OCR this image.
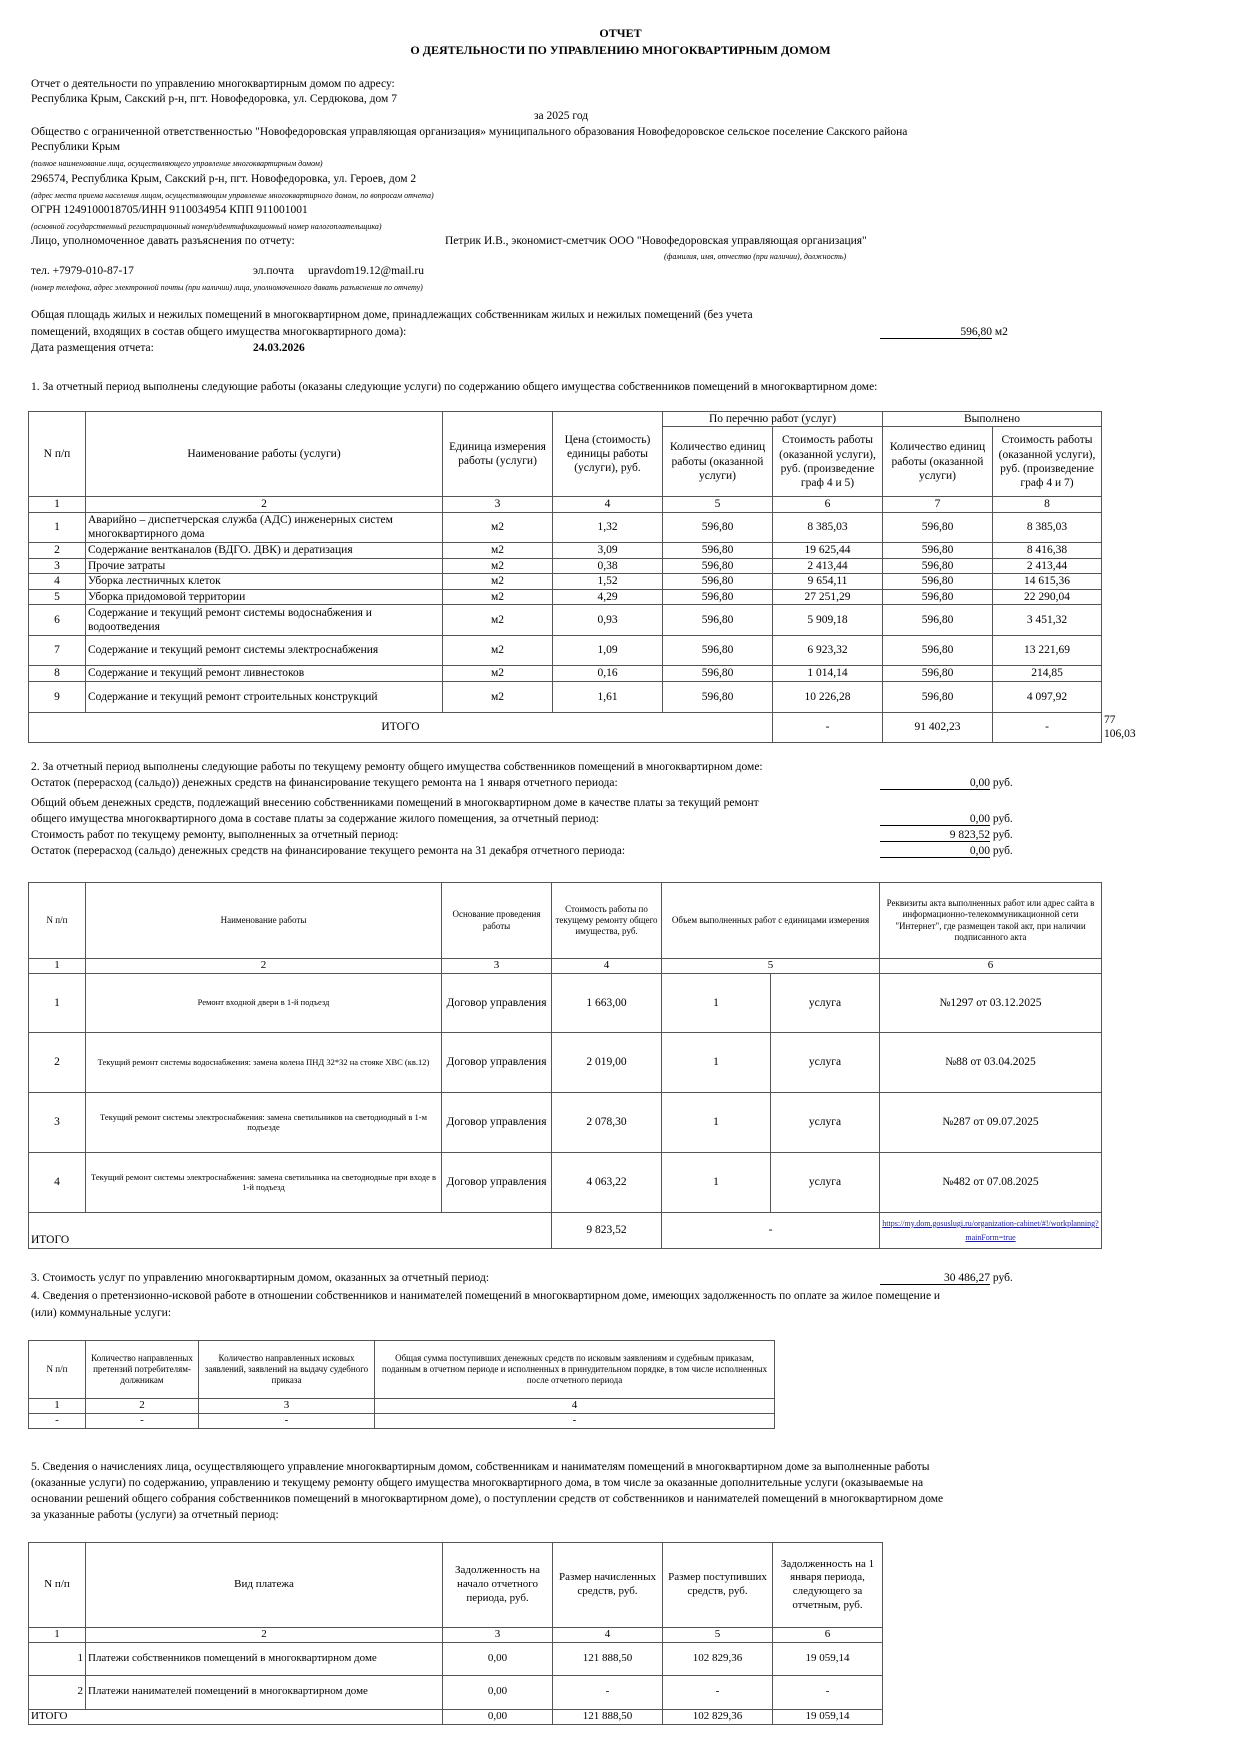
ОТЧЕТ
О ДЕЯТЕЛЬНОСТИ ПО УПРАВЛЕНИЮ МНОГОКВАРТИРНЫМ ДОМОМ
Отчет о деятельности по управлению многоквартирным домом по адресу:
Республика Крым, Сакский р-н, пгт. Новофедоровка, ул. Сердюкова, дом 7
за 2025 год
Общество с ограниченной ответственностью "Новофедоровская управляющая организация» муниципального образования Новофедоровское сельское поселение Сакского района
Республики Крым
(полное наименование лица, осуществляющего управление многоквартирным домом)
296574, Республика Крым, Сакский р-н, пгт. Новофедоровка, ул. Героев, дом 2
(адрес места приема населения лицом, осуществляющим управление многоквартирного домом, по вопросам отчета)
ОГРН 1249100018705/ИНН 9110034954 КПП 911001001
(основной государственный регистрационный номер/идентификационный номер налогоплательщика)
Лицо, уполномоченное давать разъяснения по отчету:	Петрик И.В., экономист-сметчик ООО "Новофедоровская управляющая организация"
(фамилия, имя, отчество (при наличии), должность)
тел. +7979-010-87-17	эл.почта upravdom19.12@mail.ru
(номер телефона, адрес электронной почты (при наличии) лица, уполномоченного давать разъяснения по отчету)
Общая площадь жилых и нежилых помещений в многоквартирном доме, принадлежащих собственникам жилых и нежилых помещений (без учета
помещений, входящих в состав общего имущества многоквартирного дома):	596,80 м2
Дата размещения отчета:	24.03.2026
1. За отчетный период выполнены следующие работы (оказаны следующие услуги) по содержанию общего имущества собственников помещений в многоквартирном доме:
N п/п	Наименование работы (услуги)	Единица измерения работы (услуги)	Цена (стоимость) единицы работы (услуги), руб.	По перечню работ (услуг)		Выполнено		
				Количество единиц работы (оказанной услуги)	Стоимость работы (оказанной услуги), руб. (произведение граф 4 и 5)	Количество единиц работы (оказанной услуги)	Стоимость работы (оказанной услуги), руб. (произведение граф 4 и 7)	
1	2	3	4	5	6	7	8	
1	Аварийно – диспетчерская служба (АДС) инженерных систем многоквартирного дома	м2	1,32	596,80	8 385,03	596,80	8 385,03	
2	Содержание вентканалов (ВДГО. ДВК) и дератизация	м2	3,09	596,80	19 625,44	596,80	8 416,38	
3	Прочие затраты	м2	0,38	596,80	2 413,44	596,80	2 413,44	
4	Уборка лестничных клеток	м2	1,52	596,80	9 654,11	596,80	14 615,36	
5	Уборка придомовой территории	м2	4,29	596,80	27 251,29	596,80	22 290,04	
6	Содержание и текущий ремонт системы водоснабжения и водоотведения	м2	0,93	596,80	5 909,18	596,80	3 451,32	
7	Содержание и текущий ремонт системы электроснабжения	м2	1,09	596,80	6 923,32	596,80	13 221,69	
8	Содержание и текущий ремонт ливнестоков	м2	0,16	596,80	1 014,14	596,80	214,85	
9	Содержание и текущий ремонт строительных конструкций	м2	1,61	596,80	10 226,28	596,80	4 097,92	
ИТОГО					-	91 402,23	-	77 106,03
2. За отчетный период выполнены следующие работы по текущему ремонту общего имущества собственников помещений в многоквартирном доме:
Остаток (перерасход (сальдо)) денежных средств на финансирование текущего ремонта на 1 января отчетного периода:	0,00 руб.
Общий объем денежных средств, подлежащий внесению собственниками помещений в многоквартирном доме в качестве платы за текущий ремонт
общего имущества многоквартирного дома в составе платы за содержание жилого помещения, за отчетный период:	0,00 руб.
Стоимость работ по текущему ремонту, выполненных за отчетный период:	9 823,52 руб.
Остаток (перерасход (сальдо) денежных средств на финансирование текущего ремонта на 31 декабря отчетного периода:	0,00 руб.
N п/п	Наименование работы	Основание проведения работы	Стоимость работы по текущему ремонту общего имущества, руб.	Объем выполненных работ с единицами измерения		Реквизиты акта выполненных работ или адрес сайта в информационно-телекоммуникационной сети "Интернет", где размещен такой акт, при наличии подписанного акта
1	2	3	4	5		6
1	Ремонт входной двери в 1-й подъезд	Договор управления	1 663,00	1	услуга	№1297 от 03.12.2025
2	Текущий ремонт системы водоснабжения: замена колена ПНД 32*32 на стояке ХВС (кв.12)	Договор управления	2 019,00	1	услуга	№88 от 03.04.2025
3	Текущий ремонт системы электроснабжения: замена светильников на светодиодный в 1-м подъезде	Договор управления	2 078,30	1	услуга	№287 от 09.07.2025
4	Текущий ремонт системы электроснабжения: замена светильника на светодиодные при входе в 1-й подъезд	Договор управления	4 063,22	1	услуга	№482 от 07.08.2025
ИТОГО			9 823,52	-		https://my.dom.gosuslugi.ru/organization-cabinet/#!/workplanning?mainForm=true
3. Стоимость услуг по управлению многоквартирным домом, оказанных за отчетный период:	30 486,27 руб.
4. Сведения о претензионно-исковой работе в отношении собственников и нанимателей помещений в многоквартирном доме, имеющих задолженность по оплате за жилое помещение и
(или) коммунальные услуги:
N п/п	Количество направленных претензий потребителям-должникам	Количество направленных исковых заявлений, заявлений на выдачу судебного приказа	Общая сумма поступивших денежных средств по исковым заявлениям и судебным приказам, поданным в отчетном периоде и исполненных в принудительном порядке, в том числе исполненных после отчетного периода
1	2	3	4
-	-	-	-
5. Сведения о начислениях лица, осуществляющего управление многоквартирным домом, собственникам и нанимателям помещений в многоквартирном доме за выполненные работы
(оказанные услуги) по содержанию, управлению и текущему ремонту общего имущества многоквартирного дома, в том числе за оказанные дополнительные услуги (оказываемые на
основании решений общего собрания собственников помещений в многоквартирном доме), о поступлении средств от собственников и нанимателей помещений в многоквартирном доме
за указанные работы (услуги) за отчетный период:
N п/п	Вид платежа	Задолженность на начало отчетного периода, руб.	Размер начисленных средств, руб.	Размер поступивших средств, руб.	Задолженность на 1 января периода, следующего за отчетным, руб.
1	2	3	4	5	6
1	Платежи собственников помещений в многоквартирном доме	0,00	121 888,50	102 829,36	19 059,14
2	Платежи нанимателей помещений в многоквартирном доме	0,00	-	-	-
ИТОГО		0,00	121 888,50	102 829,36	19 059,14
